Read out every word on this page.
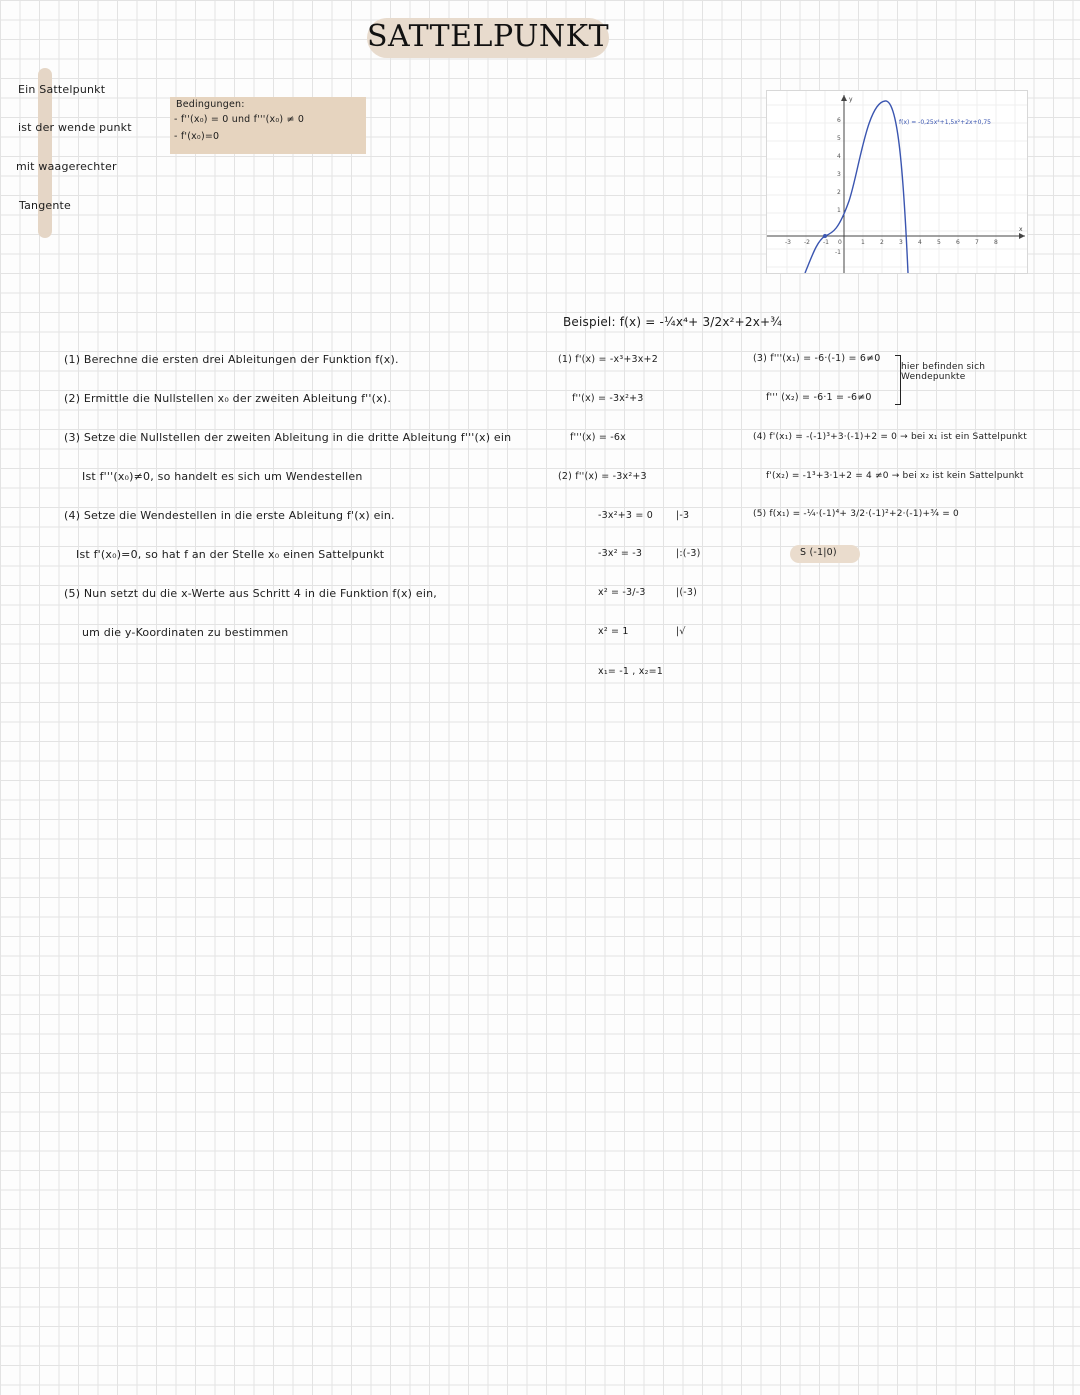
SATTELPUNKT
Ein Sattelpunkt
ist der wende punkt
mit waagerechter
Tangente
Bedingungen:
- f''(x₀) = 0 und f'''(x₀) ≠ 0
- f'(x₀)=0
x
y
-3 -2 -1 0	1	2	3	4	5	6	7	8
6
5
4
3
2
1
-1
f(x) = -0,25x⁴+1,5x²+2x+0,75
(1) Berechne die ersten drei Ableitungen der Funktion f(x).
(2) Ermittle die Nullstellen x₀ der zweiten Ableitung f''(x).
(3) Setze die Nullstellen der zweiten Ableitung in die dritte Ableitung f'''(x) ein
Ist f'''(x₀)≠0, so handelt es sich um Wendestellen
(4) Setze die Wendestellen in die erste Ableitung f'(x) ein.
Ist f'(x₀)=0, so hat f an der Stelle x₀ einen Sattelpunkt
(5) Nun setzt du die x-Werte aus Schritt 4 in die Funktion f(x) ein,
um die y-Koordinaten zu bestimmen
Beispiel: f(x) = -¼x⁴+ 3/2x²+2x+¾
(1) f'(x) = -x³+3x+2
f''(x) = -3x²+3
f'''(x) = -6x
(2) f''(x) = -3x²+3
-3x²+3 = 0 |-3
-3x² = -3	|:(-3)
x² = -3/-3	|(-3)
x² = 1	|√
x₁= -1 , x₂=1
(3) f'''(x₁) = -6·(-1) = 6≠0
f''' (x₂) = -6·1 = -6≠0
hier befinden sich Wendepunkte
(4) f'(x₁) = -(-1)³+3·(-1)+2 = 0 → bei x₁ ist ein Sattelpunkt
f'(x₂) = -1³+3·1+2 = 4 ≠0 → bei x₂ ist kein Sattelpunkt
(5) f(x₁) = -¼·(-1)⁴+ 3/2·(-1)²+2·(-1)+¾ = 0
S (-1|0)
